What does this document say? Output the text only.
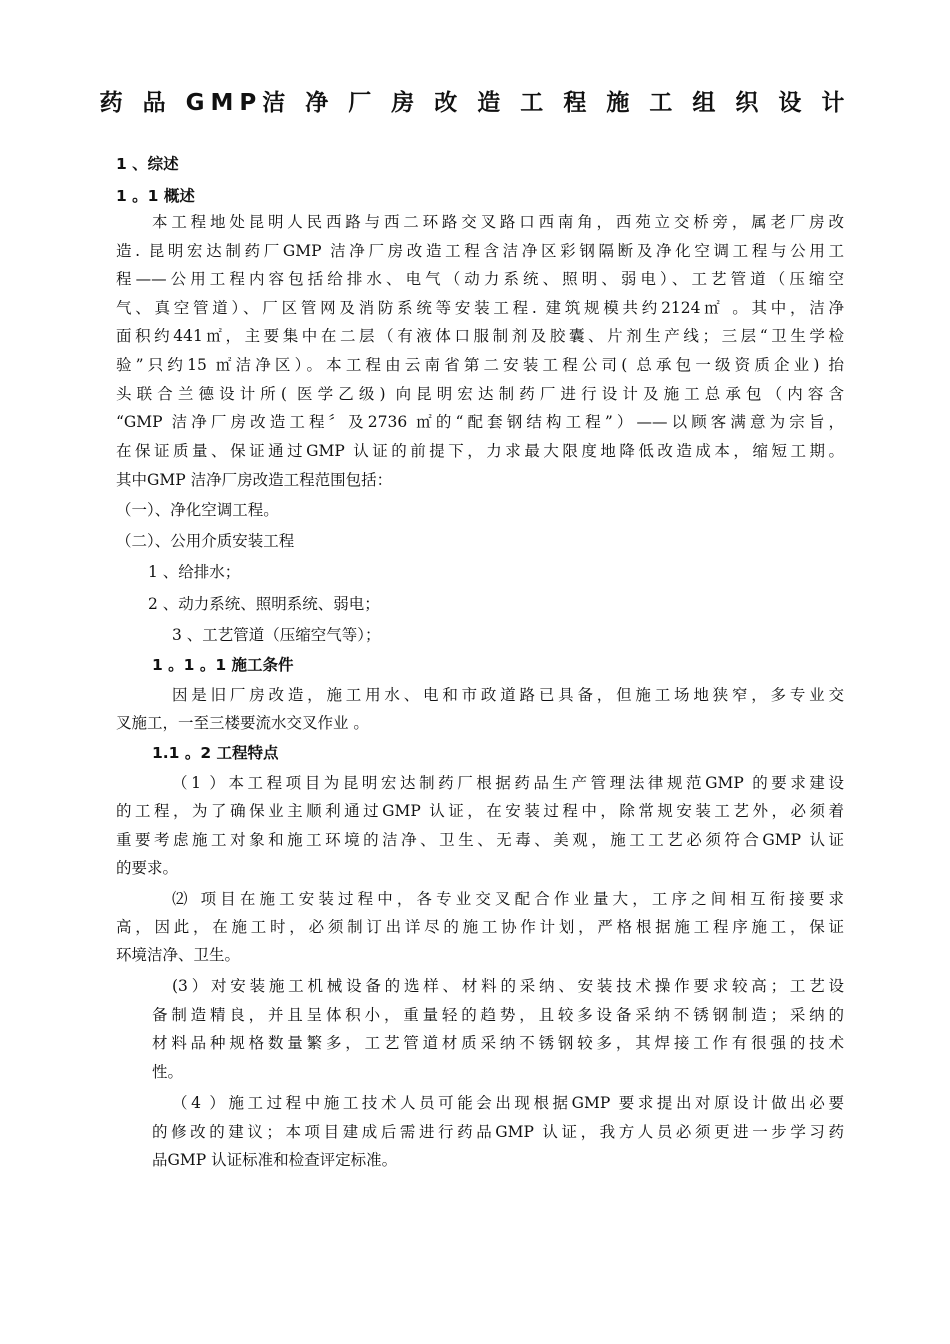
药 品 GMP洁 净 厂 房 改 造 工 程 施 工 组 织 设 计
1 、综述
1 。1 概述
本工程地处昆明人民西路与西二环路交叉路口西南角，西苑立交桥旁，属老厂房改
造. 昆明宏达制药厂GMP 洁净厂房改造工程含洁净区彩钢隔断及净化空调工程与公用工
程——公用工程内容包括给排水、电气（动力系统、照明、弱电）、工艺管道（压缩空
气、真空管道）、厂区管网及消防系统等安装工程. 建筑规模共约2124㎡ 。其中，洁净
面积约441㎡，主要集中在二层（有液体口服制剂及胶囊、片剂生产线；三层“卫生学检
验”只约15 ㎡洁净区）。本工程由云南省第二安装工程公司( 总承包一级资质企业) 抬
头联合兰德设计所( 医学乙级) 向昆明宏达制药厂进行设计及施工总承包（内容含
“GMP 洁净厂房改造工程〞及2736 ㎡的“配套钢结构工程”）——以顾客满意为宗旨，
在保证质量、保证通过GMP 认证的前提下，力求最大限度地降低改造成本，缩短工期。
其中GMP 洁净厂房改造工程范围包括：
（一）、净化空调工程。
（二）、公用介质安装工程
1 、给排水；
2 、动力系统、照明系统、弱电；
3 、工艺管道（压缩空气等）；
1 。1 。1 施工条件
因是旧厂房改造，施工用水、电和市政道路已具备，但施工场地狭窄，多专业交
叉施工，一至三楼要流水交叉作业 。
1.1 。2 工程特点
（1 ）本工程项目为昆明宏达制药厂根据药品生产管理法律规范GMP 的要求建设
的工程，为了确保业主顺利通过GMP 认证，在安装过程中，除常规安装工艺外，必须着
重要考虑施工对象和施工环境的洁净、卫生、无毒、美观，施工工艺必须符合GMP 认证
的要求。
⑵ 项目在施工安装过程中，各专业交叉配合作业量大，工序之间相互衔接要求
高，因此，在施工时，必须制订出详尽的施工协作计划，严格根据施工程序施工，保证
环境洁净、卫生。
(3）对安装施工机械设备的选样、材料的采纳、安装技术操作要求较高；工艺设
备制造精良，并且呈体积小，重量轻的趋势，且较多设备采纳不锈钢制造；采纳的
材料品种规格数量繁多，工艺管道材质采纳不锈钢较多，其焊接工作有很强的技术
性。
（4 ）施工过程中施工技术人员可能会出现根据GMP 要求提出对原设计做出必要
的修改的建议；本项目建成后需进行药品GMP 认证，我方人员必须更进一步学习药
品GMP 认证标准和检查评定标准。
